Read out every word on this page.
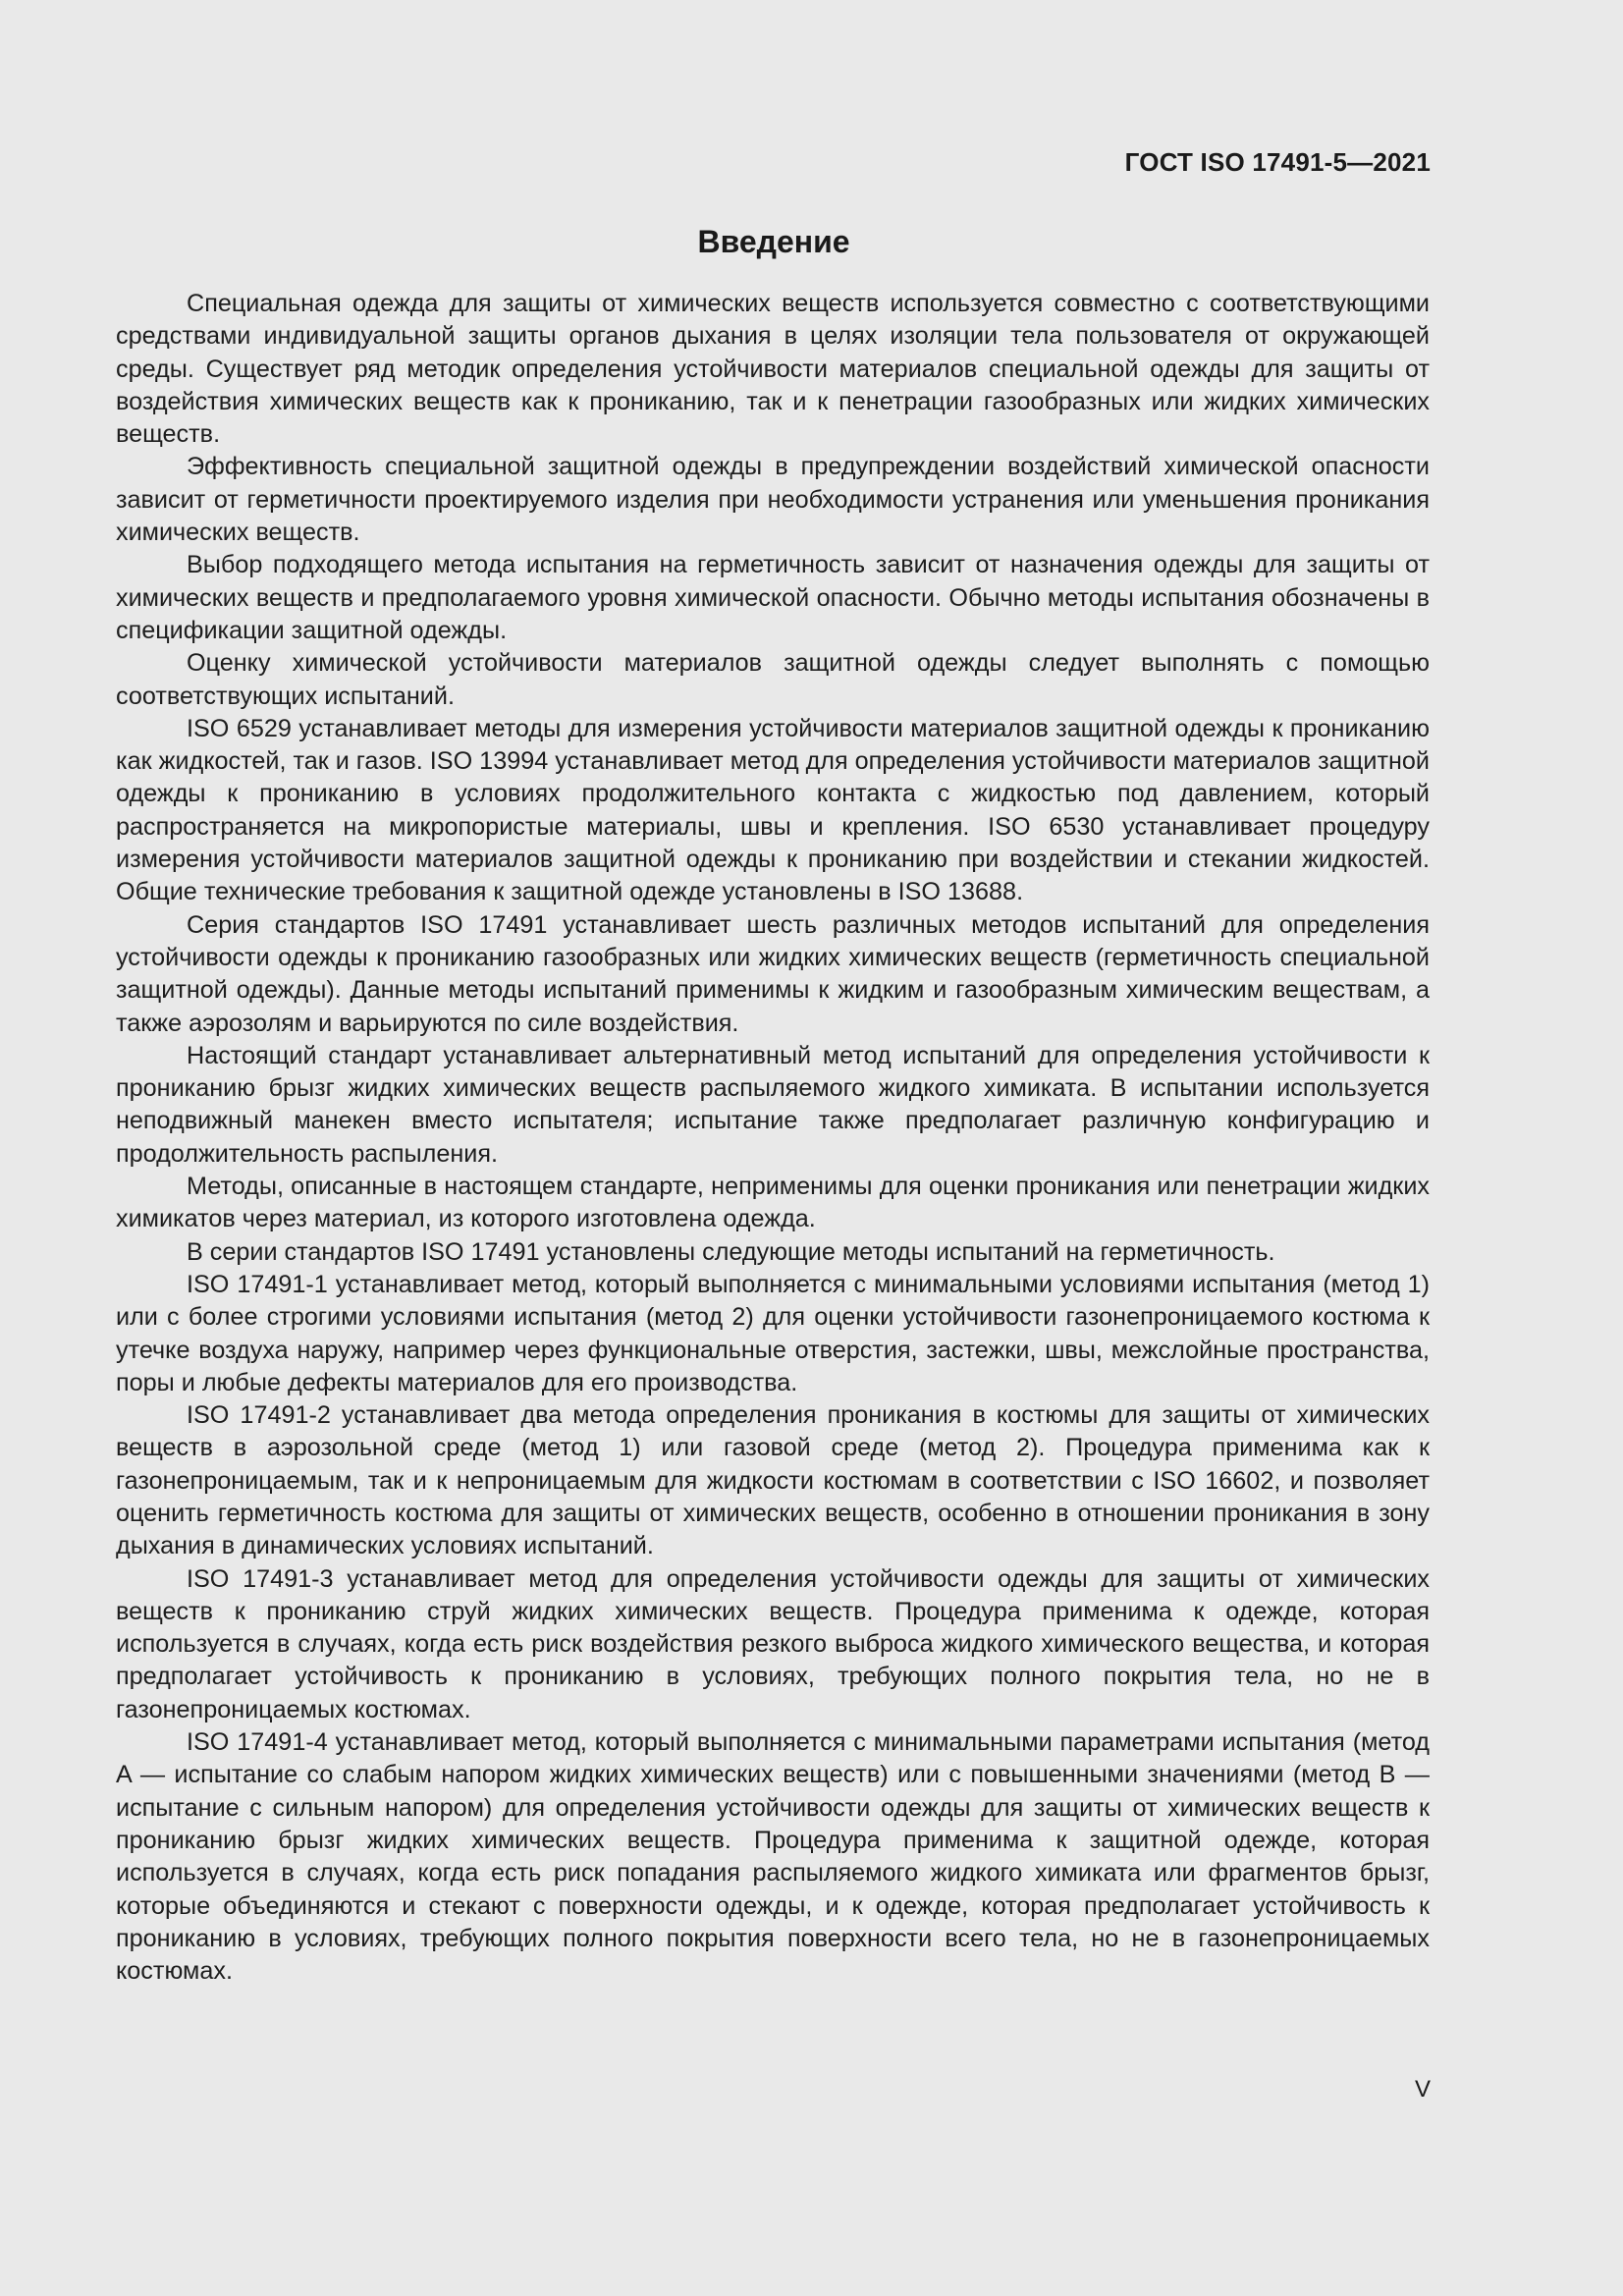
ГОСТ ISO 17491-5—2021
Введение

Специальная одежда для защиты от химических веществ используется совместно с соответствующими средствами индивидуальной защиты органов дыхания в целях изоляции тела пользователя от окружающей среды. Существует ряд методик определения устойчивости материалов специальной одежды для защиты от воздействия химических веществ как к прониканию, так и к пенетрации газообразных или жидких химических веществ.

Эффективность специальной защитной одежды в предупреждении воздействий химической опасности зависит от герметичности проектируемого изделия при необходимости устранения или уменьшения проникания химических веществ.

Выбор подходящего метода испытания на герметичность зависит от назначения одежды для защиты от химических веществ и предполагаемого уровня химической опасности. Обычно методы испытания обозначены в спецификации защитной одежды.

Оценку химической устойчивости материалов защитной одежды следует выполнять с помощью соответствующих испытаний.

ISO 6529 устанавливает методы для измерения устойчивости материалов защитной одежды к прониканию как жидкостей, так и газов. ISO 13994 устанавливает метод для определения устойчивости материалов защитной одежды к прониканию в условиях продолжительного контакта с жидкостью под давлением, который распространяется на микропористые материалы, швы и крепления. ISO 6530 устанавливает процедуру измерения устойчивости материалов защитной одежды к прониканию при воздействии и стекании жидкостей. Общие технические требования к защитной одежде установлены в ISO 13688.

Серия стандартов ISO 17491 устанавливает шесть различных методов испытаний для определения устойчивости одежды к прониканию газообразных или жидких химических веществ (герметичность специальной защитной одежды). Данные методы испытаний применимы к жидким и газообразным химическим веществам, а также аэрозолям и варьируются по силе воздействия.

Настоящий стандарт устанавливает альтернативный метод испытаний для определения устойчивости к прониканию брызг жидких химических веществ распыляемого жидкого химиката. В испытании используется неподвижный манекен вместо испытателя; испытание также предполагает различную конфигурацию и продолжительность распыления.

Методы, описанные в настоящем стандарте, неприменимы для оценки проникания или пенетрации жидких химикатов через материал, из которого изготовлена одежда.

В серии стандартов ISO 17491 установлены следующие методы испытаний на герметичность.

ISO 17491-1 устанавливает метод, который выполняется с минимальными условиями испытания (метод 1) или с более строгими условиями испытания (метод 2) для оценки устойчивости газонепроницаемого костюма к утечке воздуха наружу, например через функциональные отверстия, застежки, швы, межслойные пространства, поры и любые дефекты материалов для его производства.

ISO 17491-2 устанавливает два метода определения проникания в костюмы для защиты от химических веществ в аэрозольной среде (метод 1) или газовой среде (метод 2). Процедура применима как к газонепроницаемым, так и к непроницаемым для жидкости костюмам в соответствии с ISO 16602, и позволяет оценить герметичность костюма для защиты от химических веществ, особенно в отношении проникания в зону дыхания в динамических условиях испытаний.

ISO 17491-3 устанавливает метод для определения устойчивости одежды для защиты от химических веществ к прониканию струй жидких химических веществ. Процедура применима к одежде, которая используется в случаях, когда есть риск воздействия резкого выброса жидкого химического вещества, и которая предполагает устойчивость к прониканию в условиях, требующих полного покрытия тела, но не в газонепроницаемых костюмах.

ISO 17491-4 устанавливает метод, который выполняется с минимальными параметрами испытания (метод A — испытание со слабым напором жидких химических веществ) или с повышенными значениями (метод B — испытание с сильным напором) для определения устойчивости одежды для защиты от химических веществ к прониканию брызг жидких химических веществ. Процедура применима к защитной одежде, которая используется в случаях, когда есть риск попадания распыляемого жидкого химиката или фрагментов брызг, которые объединяются и стекают с поверхности одежды, и к одежде, которая предполагает устойчивость к прониканию в условиях, требующих полного покрытия поверхности всего тела, но не в газонепроницаемых костюмах.

V
